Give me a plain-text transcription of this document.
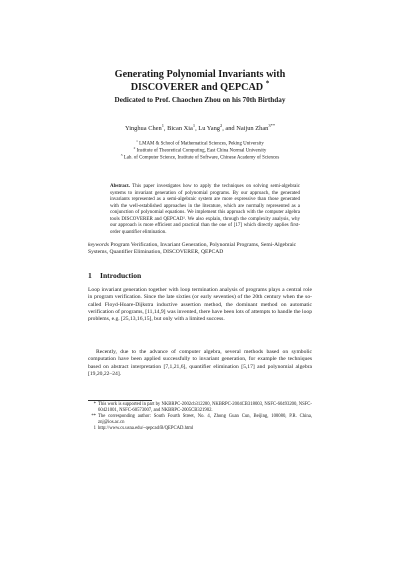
Generating Polynomial Invariants with
DISCOVERER and QEPCAD *
Dedicated to Prof. Chaochen Zhou on his 70th Birthday
Yinghua Chen$^1$, Bican Xia$^1$, Lu Yang$^2$, and Naijun Zhan$^{3**}$
$^1$ LMAM & School of Mathematical Sciences, Peking University
$^2$ Institute of Theoretical Computing, East China Normal University
$^3$ Lab. of Computer Science, Institute of Software, Chinese Academy of Sciences
Abstract. This paper investigates how to apply the techniques on solving semi-algebraic systems to invariant generation of polynomial programs. By our approach, the generated invariants represented as a semi-algebraic system are more expressive than those generated with the well-established approaches in the literature, which are normally represented as a conjunction of polynomial equations. We implement this approach with the computer algebra tools DISCOVERER and QEPCAD¹. We also explain, through the complexity analysis, why our approach is more efficient and practical than the one of [17] which directly applies first-order quantifier elimination.
keywords Program Verification, Invariant Generation, Polynomial Programs, Semi-Algebraic Systems, Quantifier Elimination, DISCOVERER, QEPCAD
1 Introduction
Loop invariant generation together with loop termination analysis of programs plays a central role in program verification. Since the late sixties (or early seventies) of the 20th century when the so-called Floyd-Hoare-Dijkstra inductive assertion method, the dominant method on automatic verification of programs, [11,14,9] was invented, there have been lots of attempts to handle the loop problems, e.g. [25,13,16,15], but only with a limited success.
Recently, due to the advance of computer algebra, several methods based on symbolic computation have been applied successfully to invariant generation, for example the techniques based on abstract interpretation [7,1,21,6], quantifier elimination [5,17] and polynomial algebra [19,20,22–24].
* This work is supported in part by NKBRPC-2002cb312200, NKBRPC-2004CB318003, NSFC-60493200, NSFC-60421001, NSFC-60573007, and NKBRPC-2005CB321902.
** The corresponding author: South Fourth Street, No. 4, Zhong Guan Cun, Beijing, 100080, P.R. China, znj@ios.ac.cn
1 http://www.cs.usna.edu/~qepcad/B/QEPCAD.html
